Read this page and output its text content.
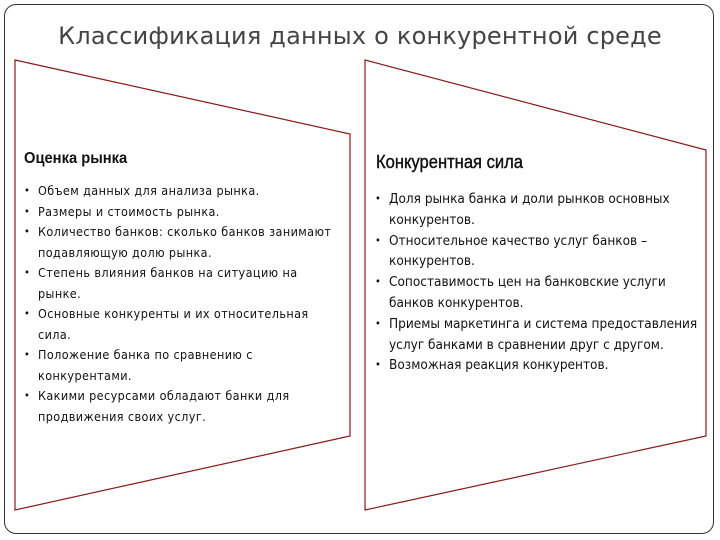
Классификация данных о конкурентной среде
Оценка рынка
• Объем данных для анализа рынка.
• Размеры и стоимость рынка.
• Количество банков: сколько банков занимают подавляющую долю рынка.
• Степень влияния банков на ситуацию на рынке.
• Основные конкуренты и их относительная сила.
• Положение банка по сравнению с конкурентами.
• Какими ресурсами обладают банки для продвижения своих услуг.
Конкурентная сила
• Доля рынка банка и доли рынков основных конкурентов.
• Относительное качество услуг банков – конкурентов.
• Сопоставимость цен на банковские услуги банков конкурентов.
• Приемы маркетинга и система предоставления услуг банками в сравнении друг с другом.
• Возможная реакция конкурентов.
